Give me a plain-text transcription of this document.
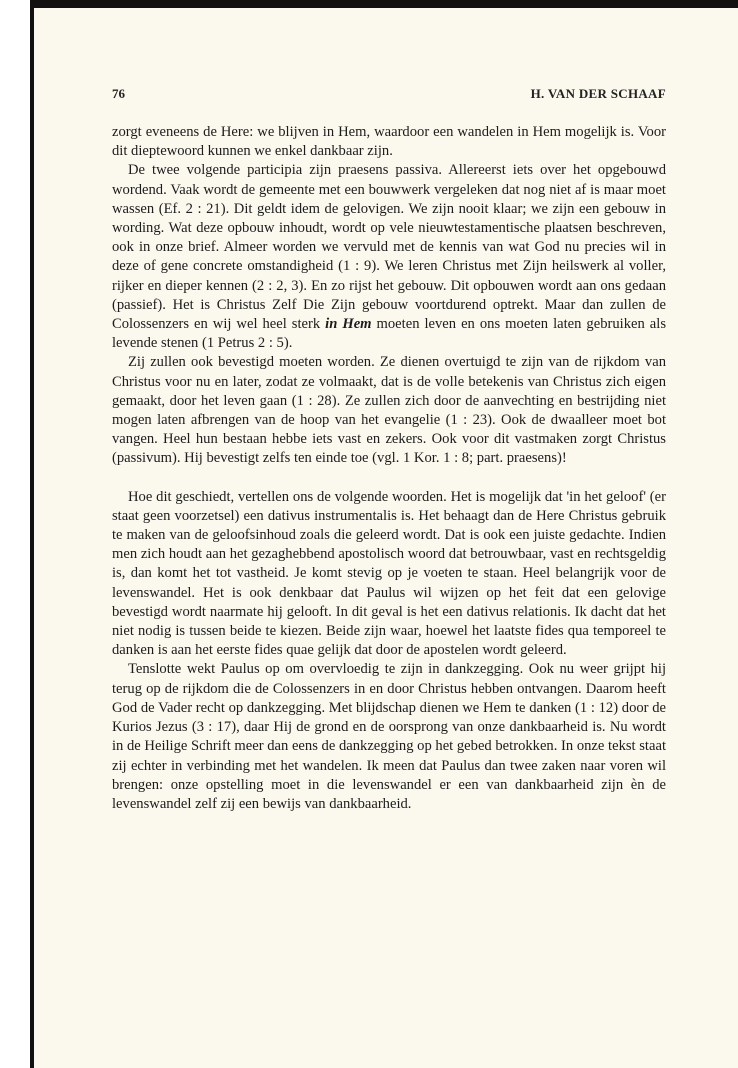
76	H. VAN DER SCHAAF

zorgt eveneens de Here: we blijven in Hem, waardoor een wandelen in Hem mogelijk is. Voor dit dieptewoord kunnen we enkel dankbaar zijn.

De twee volgende participia zijn praesens passiva. Allereerst iets over het opgebouwd wordend. Vaak wordt de gemeente met een bouwwerk vergeleken dat nog niet af is maar moet wassen (Ef. 2 : 21). Dit geldt idem de gelovigen. We zijn nooit klaar; we zijn een gebouw in wording. Wat deze opbouw inhoudt, wordt op vele nieuwtestamentische plaatsen beschreven, ook in onze brief. Almeer worden we vervuld met de kennis van wat God nu precies wil in deze of gene concrete omstandigheid (1 : 9). We leren Christus met Zijn heilswerk al voller, rijker en dieper kennen (2 : 2, 3). En zo rijst het gebouw. Dit opbouwen wordt aan ons gedaan (passief). Het is Christus Zelf Die Zijn gebouw voortdurend optrekt. Maar dan zullen de Colossenzers en wij wel heel sterk in Hem moeten leven en ons moeten laten gebruiken als levende stenen (1 Petrus 2 : 5).

Zij zullen ook bevestigd moeten worden. Ze dienen overtuigd te zijn van de rijkdom van Christus voor nu en later, zodat ze volmaakt, dat is de volle betekenis van Christus zich eigen gemaakt, door het leven gaan (1 : 28). Ze zullen zich door de aanvechting en bestrijding niet mogen laten afbrengen van de hoop van het evangelie (1 : 23). Ook de dwaalleer moet bot vangen. Heel hun bestaan hebbe iets vast en zekers. Ook voor dit vastmaken zorgt Christus (passivum). Hij bevestigt zelfs ten einde toe (vgl. 1 Kor. 1 : 8; part. praesens)!

Hoe dit geschiedt, vertellen ons de volgende woorden. Het is mogelijk dat 'in het geloof' (er staat geen voorzetsel) een dativus instrumentalis is. Het behaagt dan de Here Christus gebruik te maken van de geloofsinhoud zoals die geleerd wordt. Dat is ook een juiste gedachte. Indien men zich houdt aan het gezaghebbend apostolisch woord dat betrouwbaar, vast en rechtsgeldig is, dan komt het tot vastheid. Je komt stevig op je voeten te staan. Heel belangrijk voor de levenswandel. Het is ook denkbaar dat Paulus wil wijzen op het feit dat een gelovige bevestigd wordt naarmate hij gelooft. In dit geval is het een dativus relationis. Ik dacht dat het niet nodig is tussen beide te kiezen. Beide zijn waar, hoewel het laatste fides qua temporeel te danken is aan het eerste fides quae gelijk dat door de apostelen wordt geleerd.

Tenslotte wekt Paulus op om overvloedig te zijn in dankzegging. Ook nu weer grijpt hij terug op de rijkdom die de Colossenzers in en door Christus hebben ontvangen. Daarom heeft God de Vader recht op dankzegging. Met blijdschap dienen we Hem te danken (1 : 12) door de Kurios Jezus (3 : 17), daar Hij de grond en de oorsprong van onze dankbaarheid is. Nu wordt in de Heilige Schrift meer dan eens de dankzegging op het gebed betrokken. In onze tekst staat zij echter in verbinding met het wandelen. Ik meen dat Paulus dan twee zaken naar voren wil brengen: onze opstelling moet in die levenswandel er een van dankbaarheid zijn èn de levenswandel zelf zij een bewijs van dankbaarheid.
